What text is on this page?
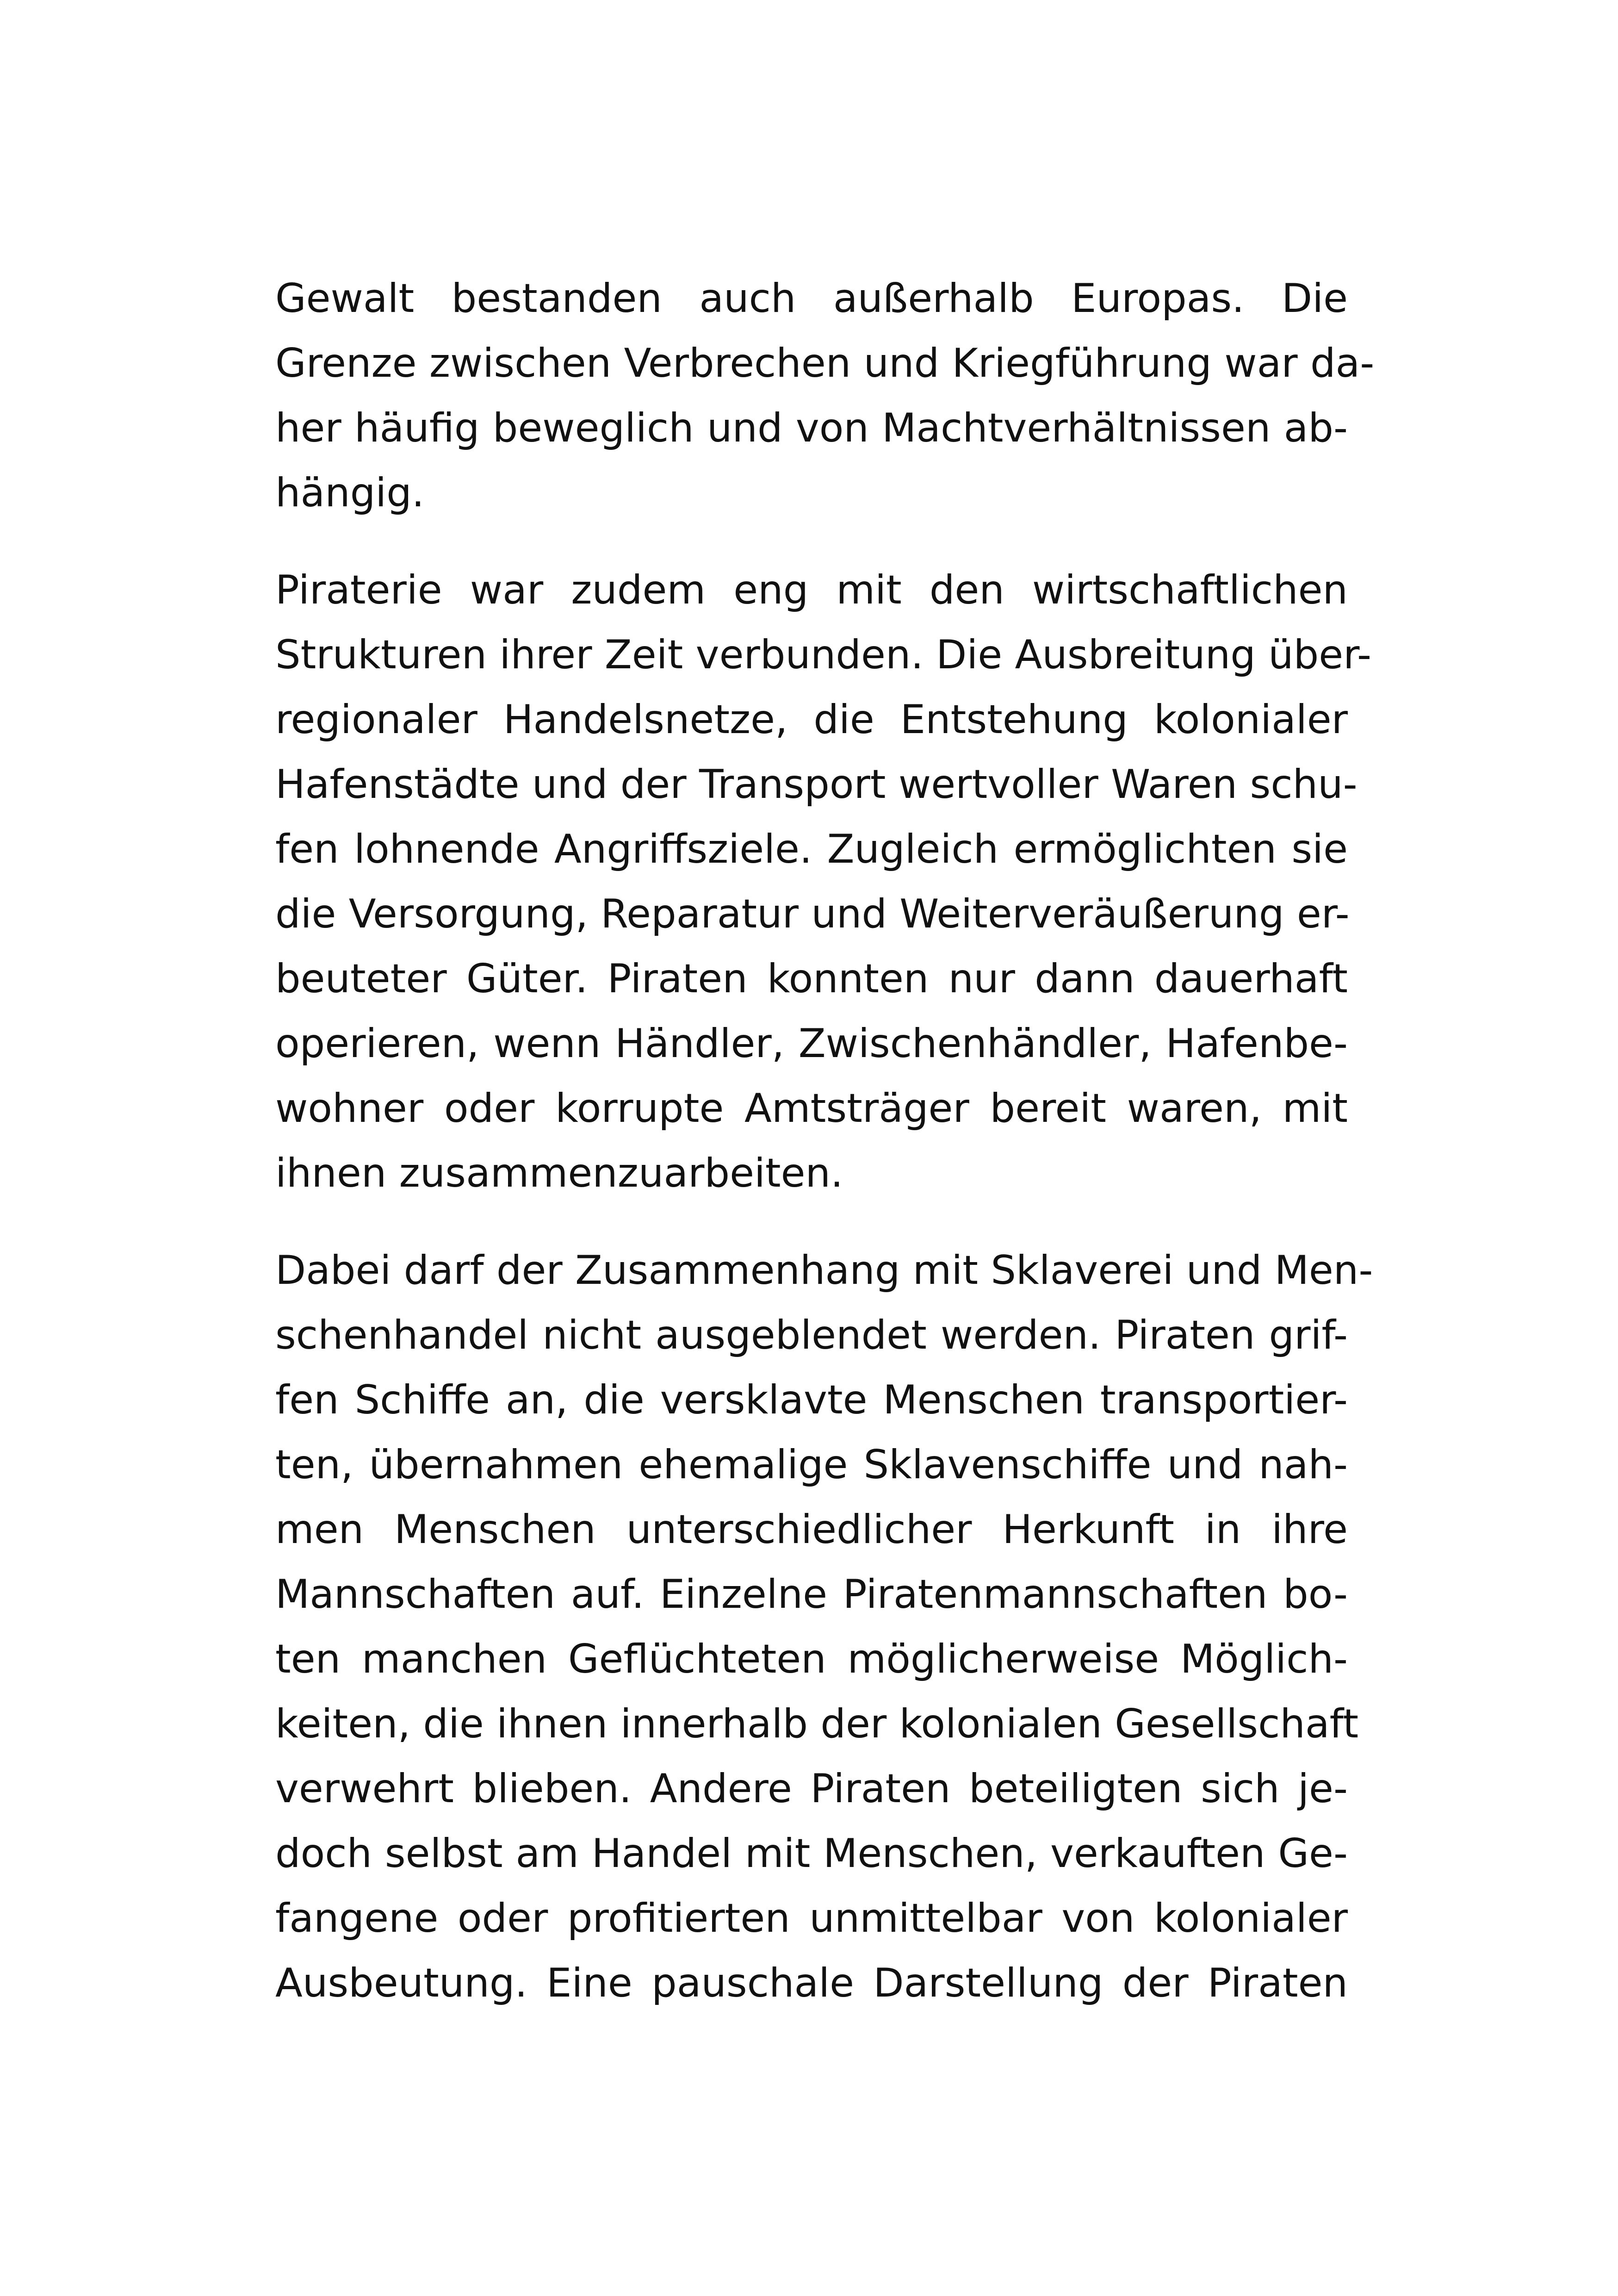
Gewalt bestanden auch außerhalb Europas. Die
Grenze zwischen Verbrechen und Kriegführung war da-
her häufig beweglich und von Machtverhältnissen ab-
hängig.
Piraterie war zudem eng mit den wirtschaftlichen
Strukturen ihrer Zeit verbunden. Die Ausbreitung über-
regionaler Handelsnetze, die Entstehung kolonialer
Hafenstädte und der Transport wertvoller Waren schu-
fen lohnende Angriffsziele. Zugleich ermöglichten sie
die Versorgung, Reparatur und Weiterveräußerung er-
beuteter Güter. Piraten konnten nur dann dauerhaft
operieren, wenn Händler, Zwischenhändler, Hafenbe-
wohner oder korrupte Amtsträger bereit waren, mit
ihnen zusammenzuarbeiten.
Dabei darf der Zusammenhang mit Sklaverei und Men-
schenhandel nicht ausgeblendet werden. Piraten grif-
fen Schiffe an, die versklavte Menschen transportier-
ten, übernahmen ehemalige Sklavenschiffe und nah-
men Menschen unterschiedlicher Herkunft in ihre
Mannschaften auf. Einzelne Piratenmannschaften bo-
ten manchen Geflüchteten möglicherweise Möglich-
keiten, die ihnen innerhalb der kolonialen Gesellschaft
verwehrt blieben. Andere Piraten beteiligten sich je-
doch selbst am Handel mit Menschen, verkauften Ge-
fangene oder profitierten unmittelbar von kolonialer
Ausbeutung. Eine pauschale Darstellung der Piraten
